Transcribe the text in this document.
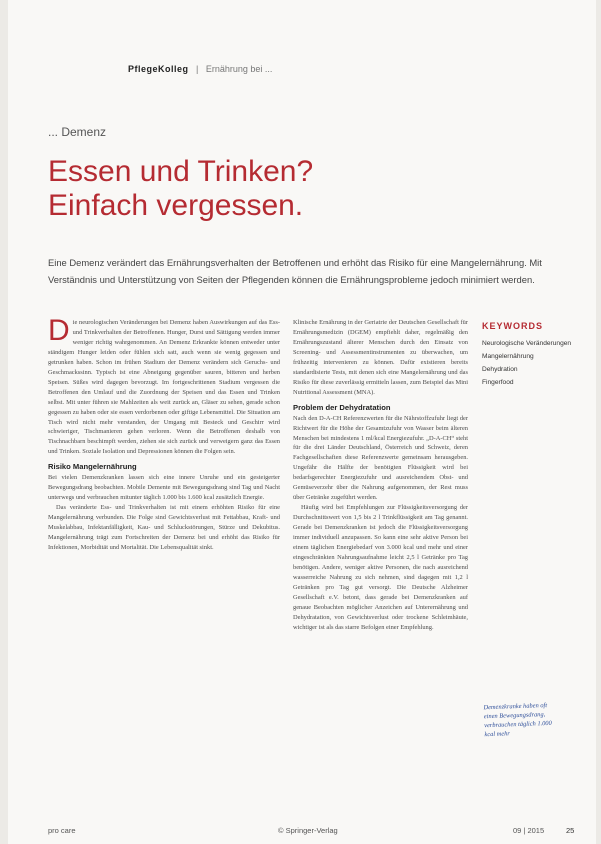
PflegeKolleg   |   Ernährung bei ...
... Demenz
Essen und Trinken?
Einfach vergessen.
Eine Demenz verändert das Ernährungsverhalten der Betroffenen und erhöht das Risiko für eine Mangelernährung. Mit Verständnis und Unterstützung von Seiten der Pflegenden können die Ernährungsprobleme jedoch minimiert werden.

Die neurologischen Veränderungen bei Demenz haben Auswirkungen auf das Ess- und Trinkverhalten der Betroffenen. Hunger, Durst und Sättigung werden immer weniger richtig wahrgenommen. An Demenz Erkrankte können entweder unter ständigem Hunger leiden oder fühlen sich satt, auch wenn sie wenig gegessen und getrunken haben. Schon im frühen Stadium der Demenz verändern sich Geruchs- und Geschmackssinn. Typisch ist eine Abneigung gegenüber sauren, bitteren und herben Speisen. Süßes wird dagegen bevorzugt. Im fortgeschrittenen Stadium vergessen die Betroffenen den Umlauf und die Zuordnung der Speisen und das Essen und Trinken selbst. Mit unter führen sie Mahlzeiten als weit zurück an, Gläser zu sehen, gerade schon gegessen zu haben oder sie essen verdorbenen oder giftige Lebensmittel. Die Situation am Tisch wird nicht mehr verstanden, der Umgang mit Besteck und Geschirr wird schwieriger, Tischmanieren gehen verloren. Wenn die Betroffenen deshalb von Tischnachbarn beschimpft werden, ziehen sie sich zurück und verweigern ganz das Essen und Trinken. Soziale Isolation und Depressionen können die Folgen sein.

Risiko Mangelernährung

Bei vielen Demenzkranken lassen sich eine innere Unruhe und ein gesteigerter Bewegungsdrang beobachten. Mobile Demente mit Bewegungsdrang sind Tag und Nacht unterwegs und verbrauchen mitunter täglich 1.000 bis 1.600 kcal zusätzlich Energie.

Das veränderte Ess- und Trinkverhalten ist mit einem erhöhten Risiko für eine Mangelernährung verbunden. Die Folge sind Gewichtsverlust mit Fettabbau, Kraft- und Muskelabbau, Infektanfälligkeit, Kau- und Schluckstörungen, Stürze und Dekubitus. Mangelernährung trägt zum Fortschreiten der Demenz bei und erhöht das Risiko für Infektionen, Morbidität und Mortalität. Die Lebensqualität sinkt.

Klinische Ernährung in der Geriatrie der Deutschen Gesellschaft für Ernährungsmedizin (DGEM) empfiehlt daher, regelmäßig den Ernährungszustand älterer Menschen durch den Einsatz von Screening- und Assessmentinstrumenten zu überwachen, um frühzeitig intervenieren zu können. Dafür existieren bereits standardisierte Tests, mit denen sich eine Mangelernährung und das Risiko für diese zuverlässig ermitteln lassen, zum Beispiel das Mini Nutritional Assessment (MNA).

Problem der Dehydratation

Nach den D-A-CH Referenzwerten für die Nährstoffzufuhr liegt der Richtwert für die Höhe der Gesamtzufuhr von Wasser beim älteren Menschen bei mindestens 1 ml/kcal Energiezufuhr. „D-A-CH“ steht für die drei Länder Deutschland, Österreich und Schweiz, deren Fachgesellschaften diese Referenzwerte gemeinsam herausgeben. Ungefähr die Hälfte der benötigten Flüssigkeit wird bei bedarfsgerechter Energiezufuhr und ausreichendem Obst- und Gemüseverzehr über die Nahrung aufgenommen, der Rest muss über Getränke zugeführt werden.

Häufig wird bei Empfehlungen zur Flüssigkeitsversorgung der Durchschnittswert von 1,5 bis 2 l Trinkflüssigkeit am Tag genannt. Gerade bei Demenzkranken ist jedoch die Flüssigkeitsversorgung immer individuell anzupassen. So kann eine sehr aktive Person bei einem täglichen Energiebedarf von 3.000 kcal und mehr und einer eingeschränkten Nahrungsaufnahme leicht 2,5 l Getränke pro Tag benötigen. Andere, weniger aktive Personen, die nach ausreichend wasserreiche Nahrung zu sich nehmen, sind dagegen mit 1,2 l Getränken pro Tag gut versorgt. Die Deutsche Alzheimer Gesellschaft e.V. betont, dass gerade bei Demenzkranken auf genaue Beobachten möglicher Anzeichen auf Unterernährung und Dehydratation, von Gewichtsverlust oder trockene Schleimhäute, wichtiger ist als das starre Befolgen einer Empfehlung.

KEYWORDS
Neurologische Veränderungen
Mangelernährung
Dehydration
Fingerfood
Demenzkranke haben oft einen Bewegungsdrang, verbrauchen täglich 1.000 kcal mehr
pro care	© Springer-Verlag	09 | 2015	25
